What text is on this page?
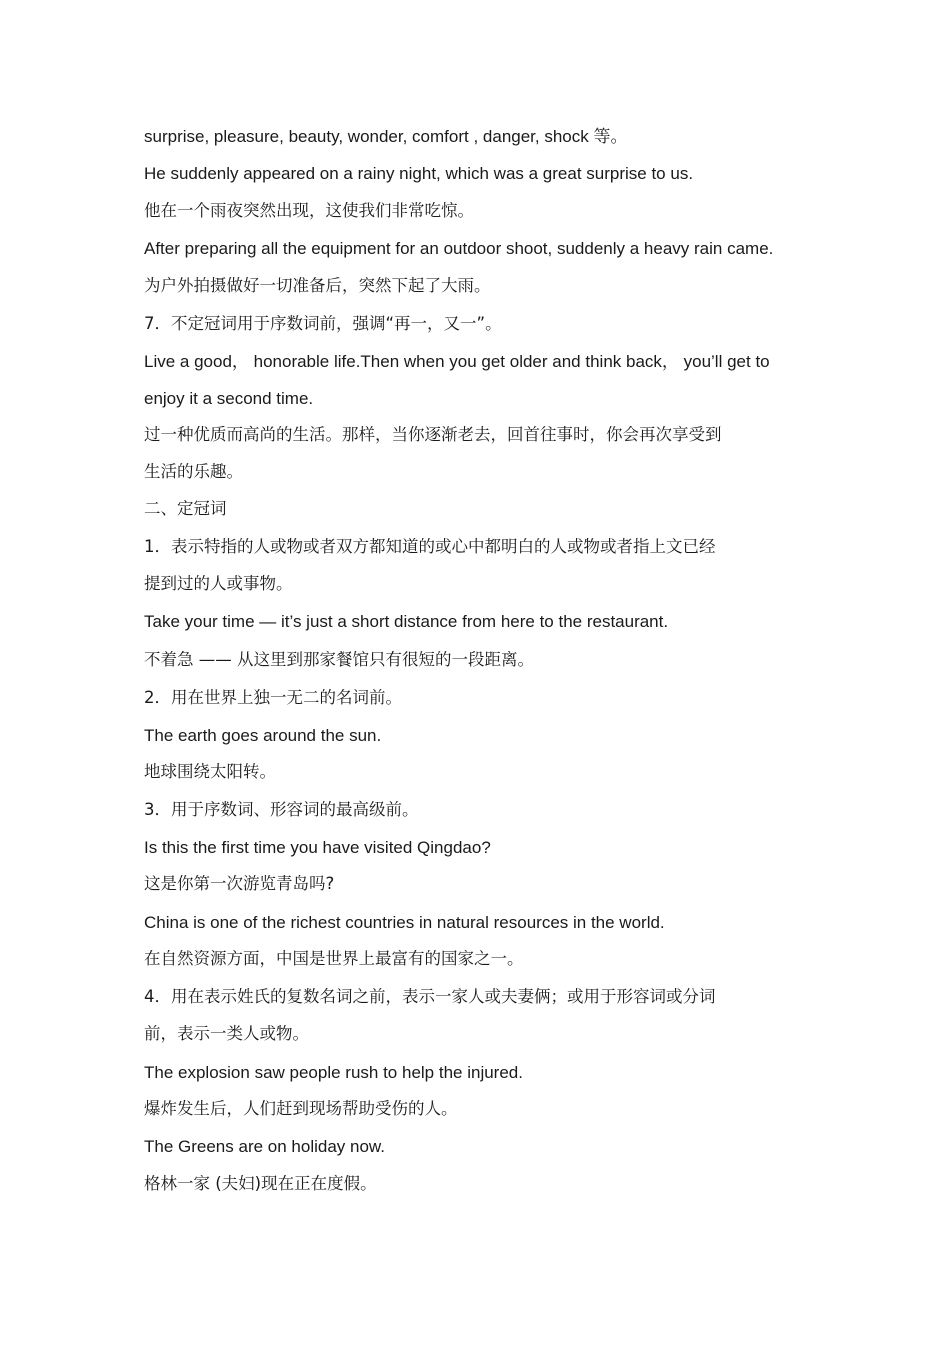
surprise, pleasure, beauty, wonder, comfort , danger, shock 等。
He suddenly appeared on a rainy night, which was a great surprise to us.
他在一个雨夜突然出现，这使我们非常吃惊。
After preparing all the equipment for an outdoor shoot, suddenly a heavy rain came.
为户外拍摄做好一切准备后，突然下起了大雨。
7．不定冠词用于序数词前，强调“再一，又一”。
Live a good， honorable life.Then when you get older and think back， you’ll get to
enjoy it a second time.
过一种优质而高尚的生活。那样，当你逐渐老去，回首往事时，你会再次享受到
生活的乐趣。
二、定冠词
1．表示特指的人或物或者双方都知道的或心中都明白的人或物或者指上文已经
提到过的人或事物。
Take your time — it’s just a short distance from here to the restaurant.
不着急 —— 从这里到那家餐馆只有很短的一段距离。
2．用在世界上独一无二的名词前。
The earth goes around the sun.
地球围绕太阳转。
3．用于序数词、形容词的最高级前。
Is this the first time you have visited Qingdao?
这是你第一次游览青岛吗?
China is one of the richest countries in natural resources in the world.
在自然资源方面，中国是世界上最富有的国家之一。
4．用在表示姓氏的复数名词之前，表示一家人或夫妻俩；或用于形容词或分词
前，表示一类人或物。
The explosion saw people rush to help the injured.
爆炸发生后，人们赶到现场帮助受伤的人。
The Greens are on holiday now.
格林一家 (夫妇)现在正在度假。
